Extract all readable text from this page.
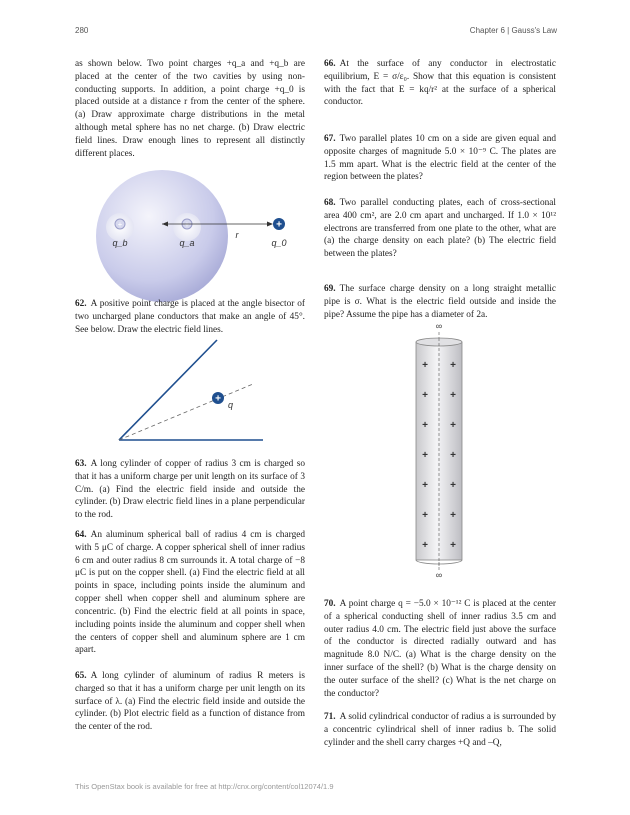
280	Chapter 6 | Gauss's Law
as shown below. Two point charges +q_a and +q_b are placed at the center of the two cavities by using non-conducting supports. In addition, a point charge +q_0 is placed outside at a distance r from the center of the sphere. (a) Draw approximate charge distributions in the metal although metal sphere has no net charge. (b) Draw electric field lines. Draw enough lines to represent all distinctly different places.
+	+	+
q_b	q_a
r
q_0
62. A positive point charge is placed at the angle bisector of two uncharged plane conductors that make an angle of 45°. See below. Draw the electric field lines.
+
q
63. A long cylinder of copper of radius 3 cm is charged so that it has a uniform charge per unit length on its surface of 3 C/m. (a) Find the electric field inside and outside the cylinder. (b) Draw electric field lines in a plane perpendicular to the rod.
64. An aluminum spherical ball of radius 4 cm is charged with 5 μC of charge. A copper spherical shell of inner radius 6 cm and outer radius 8 cm surrounds it. A total charge of −8 μC is put on the copper shell. (a) Find the electric field at all points in space, including points inside the aluminum and copper shell when copper shell and aluminum sphere are concentric. (b) Find the electric field at all points in space, including points inside the aluminum and copper shell when the centers of copper shell and aluminum sphere are 1 cm apart.
65. A long cylinder of aluminum of radius R meters is charged so that it has a uniform charge per unit length on its surface of λ. (a) Find the electric field inside and outside the cylinder. (b) Plot electric field as a function of distance from the center of the rod.
66. At the surface of any conductor in electrostatic equilibrium, E = σ/ε₀. Show that this equation is consistent with the fact that E = kq/r² at the surface of a spherical conductor.
67. Two parallel plates 10 cm on a side are given equal and opposite charges of magnitude 5.0 × 10⁻⁹ C. The plates are 1.5 mm apart. What is the electric field at the center of the region between the plates?
68. Two parallel conducting plates, each of cross-sectional area 400 cm², are 2.0 cm apart and uncharged. If 1.0 × 10¹² electrons are transferred from one plate to the other, what are (a) the charge density on each plate? (b) The electric field between the plates?
69. The surface charge density on a long straight metallic pipe is σ. What is the electric field outside and inside the pipe? Assume the pipe has a diameter of 2a.
∞
+ +
+ +
+ +
+ +
+ +
+ +
+ +
∞
70. A point charge q = −5.0 × 10⁻¹² C is placed at the center of a spherical conducting shell of inner radius 3.5 cm and outer radius 4.0 cm. The electric field just above the surface of the conductor is directed radially outward and has magnitude 8.0 N/C. (a) What is the charge density on the inner surface of the shell? (b) What is the charge density on the outer surface of the shell? (c) What is the net charge on the conductor?
71. A solid cylindrical conductor of radius a is surrounded by a concentric cylindrical shell of inner radius b. The solid cylinder and the shell carry charges +Q and –Q,
This OpenStax book is available for free at http://cnx.org/content/col12074/1.9
